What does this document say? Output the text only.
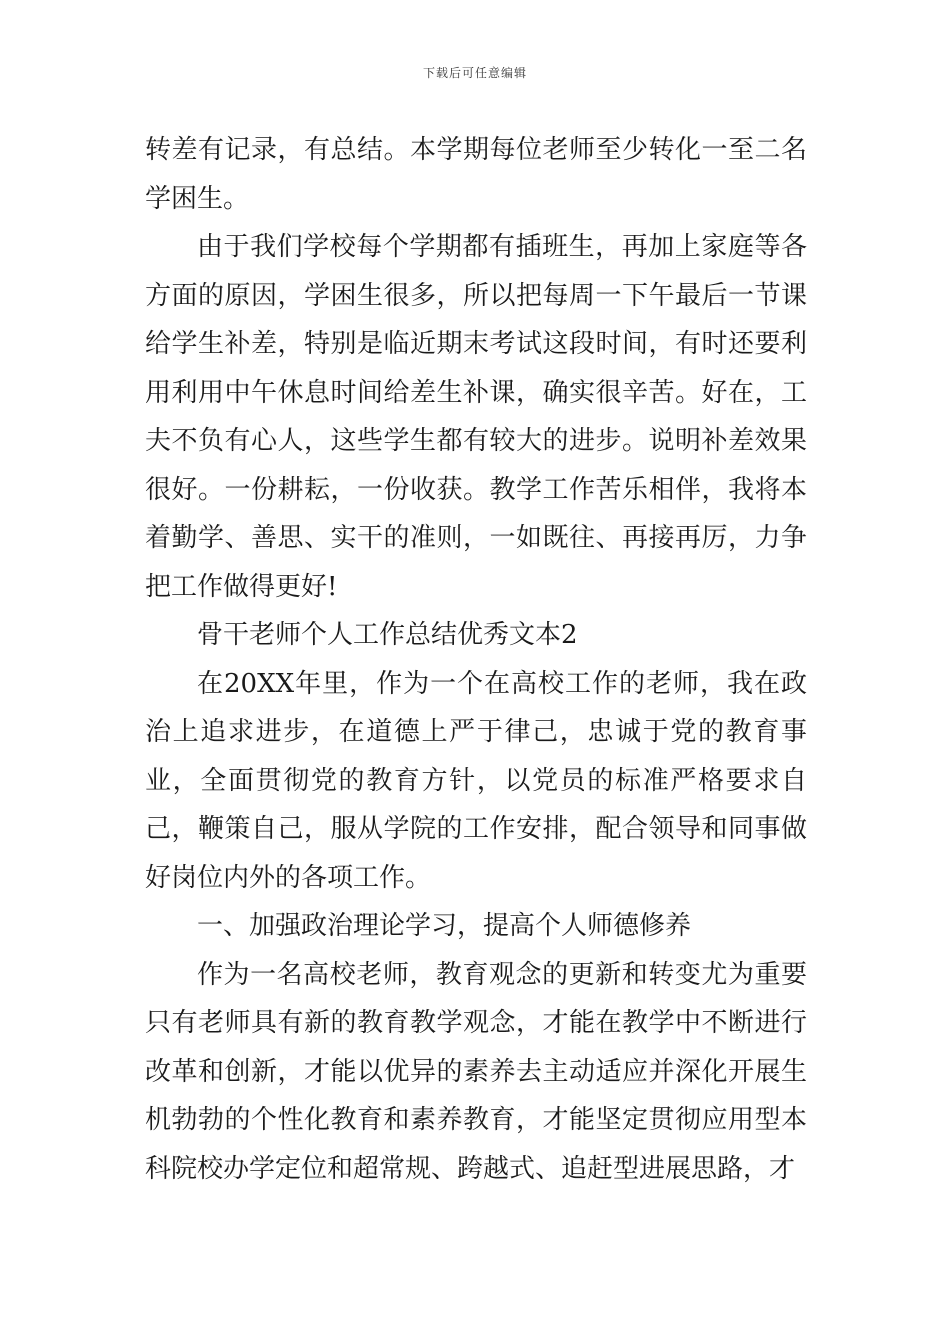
下载后可任意编辑

转差有记录，有总结。本学期每位老师至少转化一至二名学困生。

由于我们学校每个学期都有插班生，再加上家庭等各方面的原因，学困生很多，所以把每周一下午最后一节课给学生补差，特别是临近期末考试这段时间，有时还要利用利用中午休息时间给差生补课，确实很辛苦。好在，工夫不负有心人，这些学生都有较大的进步。说明补差效果很好。一份耕耘，一份收获。教学工作苦乐相伴，我将本着勤学、善思、实干的准则，一如既往、再接再厉，力争把工作做得更好!

骨干老师个人工作总结优秀文本2

在20XX年里，作为一个在高校工作的老师，我在政治上追求进步，在道德上严于律己，忠诚于党的教育事业，全面贯彻党的教育方针，以党员的标准严格要求自己，鞭策自己，服从学院的工作安排，配合领导和同事做好岗位内外的各项工作。

一、加强政治理论学习，提高个人师德修养

作为一名高校老师，教育观念的更新和转变尤为重要只有老师具有新的教育教学观念，才能在教学中不断进行改革和创新，才能以优异的素养去主动适应并深化开展生机勃勃的个性化教育和素养教育，才能坚定贯彻应用型本科院校办学定位和超常规、跨越式、追赶型进展思路，才
